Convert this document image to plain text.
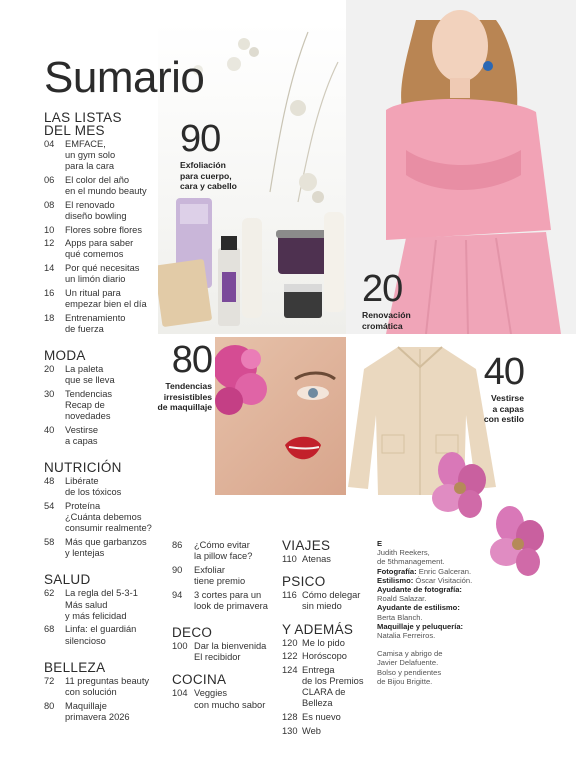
Sumario
LAS LISTAS
DEL MES
04	EMFACE,
un gym solo
para la cara
06	El color del año
en el mundo beauty
08	El renovado
diseño bowling
10	Flores sobre flores
12	Apps para saber
qué comemos
14	Por qué necesitas
un limón diario
16	Un ritual para
empezar bien el día
18	Entrenamiento
de fuerza
MODA
20	La paleta
que se lleva
30	Tendencias
Recap de
novedades
40	Vestirse
a capas
NUTRICIÓN
48	Libérate
de los tóxicos
54	Proteína
¿Cuánta debemos
consumir realmente?
58	Más que garbanzos
y lentejas
SALUD
62	La regla del 5-3-1
Más salud
y más felicidad
68	Linfa: el guardián
silencioso
BELLEZA
72	11 preguntas beauty
con solución
80	Maquillaje
primavera 2026
86	¿Cómo evitar
la pillow face?
90	Exfoliar
tiene premio
94	3 cortes para un
look de primavera
DECO
100 Dar la bienvenida
El recibidor
COCINA
104 Veggies
con mucho sabor
VIAJES
110 Atenas
PSICO
116 Cómo delegar
sin miedo
Y ADEMÁS
120 Me lo pido
122 Horóscopo
124 Entrega
de los Premios
CLARA de Belleza
128 Es nuevo
130 Web
90
Exfoliación
para cuerpo,
cara y cabello
20
Renovación
cromática
80
Tendencias
irresistibles
de maquillaje
40
Vestirse
a capas
con estilo
E
Judith Reekers,
de 5thmanagement.
Fotografía: Enric Galceran.
Estilismo: Óscar Visitación.
Ayudante de fotografía:
Roald Salazar.
Ayudante de estilismo:
Berta Blanch.
Maquillaje y peluquería:
Natalia Ferreiros.
Camisa y abrigo de
Javier Delafuente.
Bolso y pendientes
de Bijou Brigitte.
